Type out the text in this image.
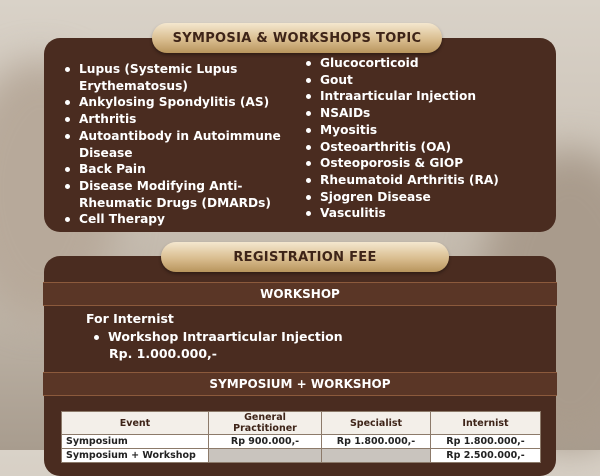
SYMPOSIA & WORKSHOPS TOPIC
Lupus (Systemic Lupus Erythematosus)
Ankylosing Spondylitis (AS)
Arthritis
Autoantibody in Autoimmune Disease
Back Pain
Disease Modifying Anti-Rheumatic Drugs (DMARDs)
Cell Therapy
Glucocorticoid
Gout
Intraarticular Injection
NSAIDs
Myositis
Osteoarthritis (OA)
Osteoporosis & GIOP
Rheumatoid Arthritis (RA)
Sjogren Disease
Vasculitis
REGISTRATION FEE
WORKSHOP
For Internist
Workshop Intraarticular Injection
Rp. 1.000.000,-
SYMPOSIUM + WORKSHOP
Event	General Practitioner	Specialist	Internist
Symposium	Rp 900.000,-	Rp 1.800.000,-	Rp 1.800.000,-
Symposium + Workshop			Rp 2.500.000,-
